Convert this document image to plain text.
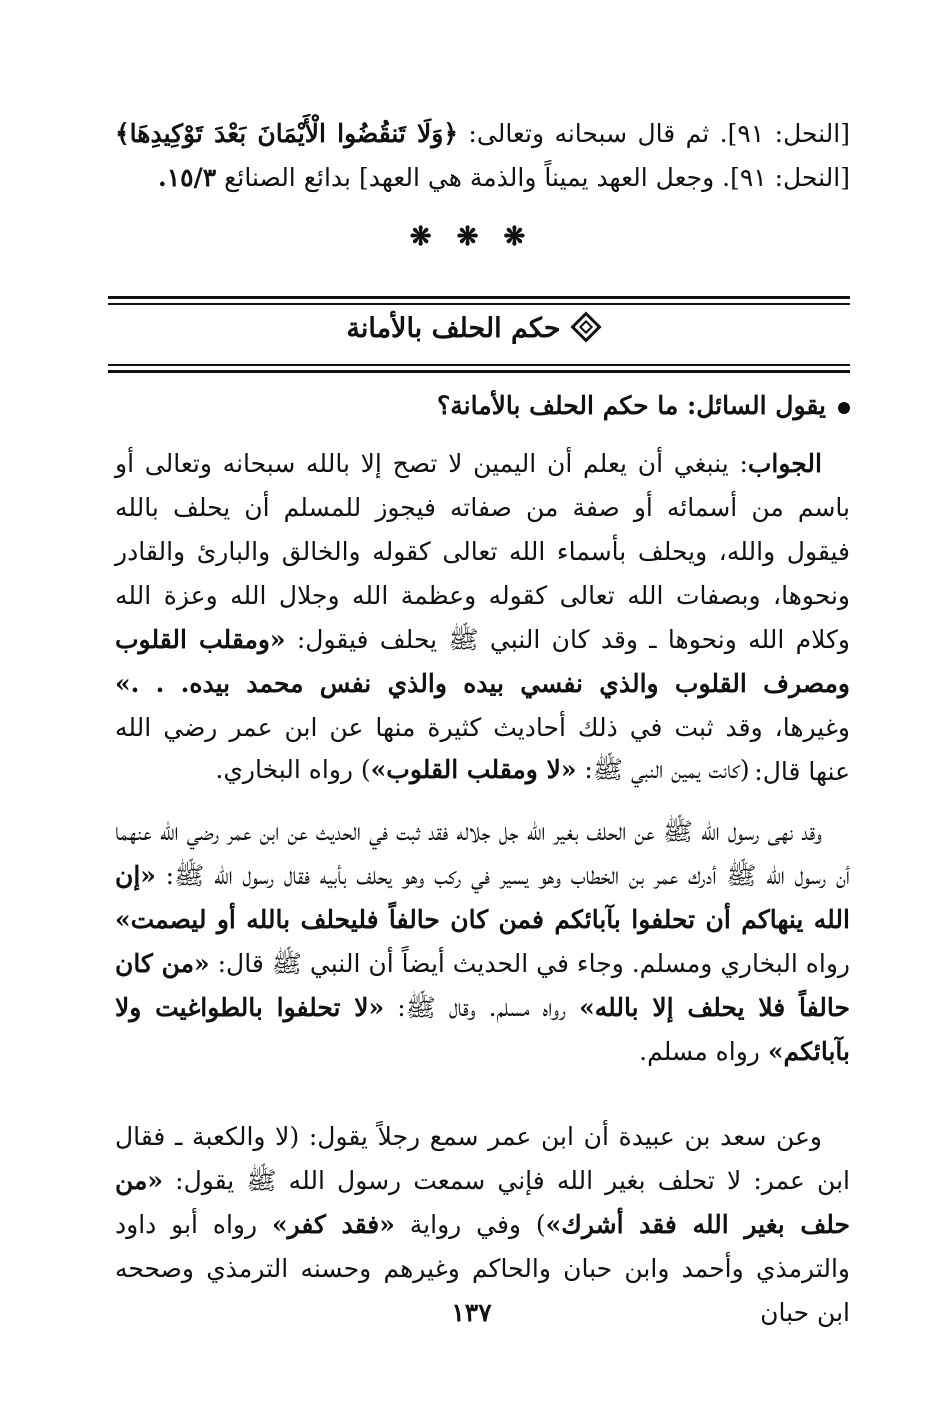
[النحل: ٩١]. ثم قال سبحانه وتعالى: ﴿وَلَا تَنقُضُوا الْأَيْمَانَ بَعْدَ تَوْكِيدِهَا﴾ [النحل: ٩١]. وجعل العهد يميناً والذمة هي العهد] بدائع الصنائع ١٥/٣.
❋ ❋ ❋
حكم الحلف بالأمانة
يقول السائل: ما حكم الحلف بالأمانة؟
الجواب: ينبغي أن يعلم أن اليمين لا تصح إلا بالله سبحانه وتعالى أو باسم من أسمائه أو صفة من صفاته فيجوز للمسلم أن يحلف بالله فيقول والله، ويحلف بأسماء الله تعالى كقوله والخالق والبارئ والقادر ونحوها، وبصفات الله تعالى كقوله وعظمة الله وجلال الله وعزة الله وكلام الله ونحوها ـ وقد كان النبي ﷺ يحلف فيقول: «ومقلب القلوب ومصرف القلوب والذي نفسي بيده والذي نفس محمد بيده. . .» وغيرها، وقد ثبت في ذلك أحاديث كثيرة منها عن ابن عمر رضي الله عنها قال:
(كانت يمين النبي ﷺ: «لا ومقلب القلوب») رواه البخاري.
وقد نهى رسول الله ﷺ عن الحلف بغير الله جل جلاله فقد ثبت في الحديث عن ابن عمر رضي الله عنهما أن رسول الله ﷺ أدرك عمر بن الخطاب وهو يسير في ركب وهو يحلف بأبيه فقال رسول الله ﷺ: «إن الله ينهاكم أن تحلفوا بآبائكم فمن كان حالفاً فليحلف بالله أو ليصمت» رواه البخاري ومسلم. وجاء في الحديث أيضاً أن النبي ﷺ قال: «من كان حالفاً فلا يحلف إلا بالله» رواه مسلم. وقال ﷺ: «لا تحلفوا بالطواغيت ولا بآبائكم» رواه مسلم.
وعن سعد بن عبيدة أن ابن عمر سمع رجلاً يقول: (لا والكعبة ـ فقال ابن عمر: لا تحلف بغير الله فإني سمعت رسول الله ﷺ يقول: «من حلف بغير الله فقد أشرك») وفي رواية «فقد كفر» رواه أبو داود والترمذي وأحمد وابن حبان والحاكم وغيرهم وحسنه الترمذي وصححه ابن حبان
١٣٧
